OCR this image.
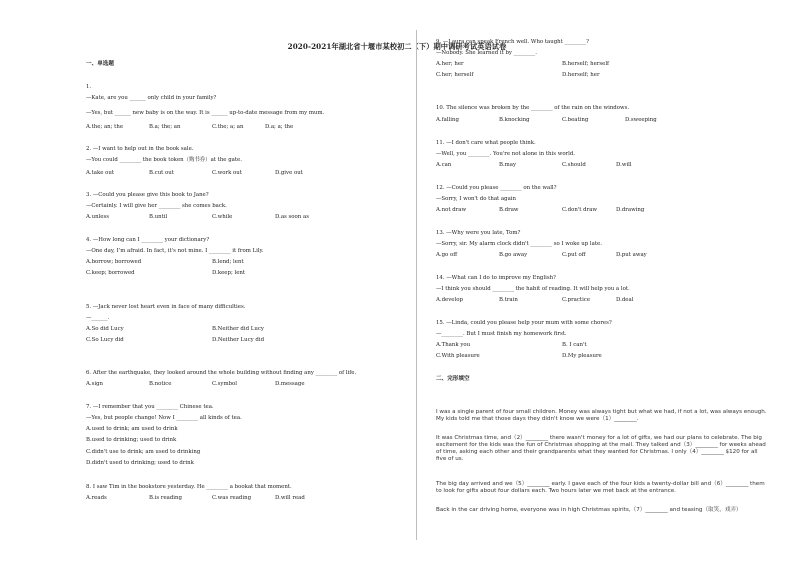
2020-2021年湖北省十堰市某校初二（下）期中调研考试英语试卷
一、单选题
1.
—Kate, are you ______ only child in your family?
—Yes, but ______ new baby is on the way. It is ______ up-to-date message from my mum.
A.the; an; the	B.a; the; an	C.the; a; an	D.a; a; the
2. —I want to help out in the book sale.
—You could ________ the book token（购书券）at the gate.
A.take out	B.cut out	C.work out	D.give out
3. —Could you please give this book to Jane?
—Certainly. I will give her ________ she comes back.
A.unless	B.until	C.while	D.as soon as
4. —How long can I ________ your dictionary?
—One day, I'm afraid. In fact, it's not mine. I ________ it from Lily.
A.borrow; borrowed	B.lend; lent
C.keep; borrowed	D.keep; lent
5. —Jack never lost heart even in face of many difficulties.
—______.
A.So did Lucy	B.Neither did Lucy
C.So Lucy did	D.Neither Lucy did
6. After the earthquake, they looked around the whole building without finding any ________ of life.
A.sign	B.notice	C.symbol	D.message
7. —I remember that you ________ Chinese tea.
—Yes, but people change! Now I ________ all kinds of tea.
A.used to drink; am used to drink
B.used to drinking; used to drink
C.didn't use to drink; am used to drinking
D.didn't used to drinking; used to drink
8. I saw Tim in the bookstore yesterday. He ________ a bookat that moment.
A.reads	B.is reading	C.was reading	D.will read
9. —Laura can speak French well. Who taught ________?
—Nobody. She learned it by ________.
A.her; her	B.herself; herself
C.her; herself	D.herself; her
10. The silence was broken by the ________ of the rain on the windows.
A.falling	B.knocking	C.beating	D.sweeping
11. —I don't care what people think.
—Well, you ________. You're not alone in this world.
A.can	B.may	C.should	D.will
12. —Could you please ________ on the wall?
—Sorry, I won't do that again
A.not draw	B.draw	C.don't draw	D.drawing
13. —Why were you late, Tom?
—Sorry, sir. My alarm clock didn't ________ so I woke up late.
A.go off	B.go away	C.put off	D.put away
14. —What can I do to improve my English?
—I think you should ________ the habit of reading. It will help you a lot.
A.develop	B.train	C.practice	D.deal
15. —Linda, could you please help your mum with some chores?
—________. But I must finish my homework first.
A.Thank you	B. I can't
C.With pleasure	D.My pleasure
二、完形填空
I was a single parent of four small children. Money was always tight but what we had, if not a lot, was always enough. My kids told me that those days they didn't know we were（1）________.
It was Christmas time, and（2）________ there wasn't money for a lot of gifts, we had our plans to celebrate. The big excitement for the kids was the fun of Christmas shopping at the mall. They talked and（3）________ for weeks ahead of time, asking each other and their grandparents what they wanted for Christmas. I only（4）________ $120 for all five of us.
The big day arrived and we（5）________ early. I gave each of the four kids a twenty-dollar bill and（6）________ them to look for gifts about four dollars each. Two hours later we met back at the entrance.
Back in the car driving home, everyone was in high Christmas spirits,（7）________ and teasing（取笑，戏弄）
